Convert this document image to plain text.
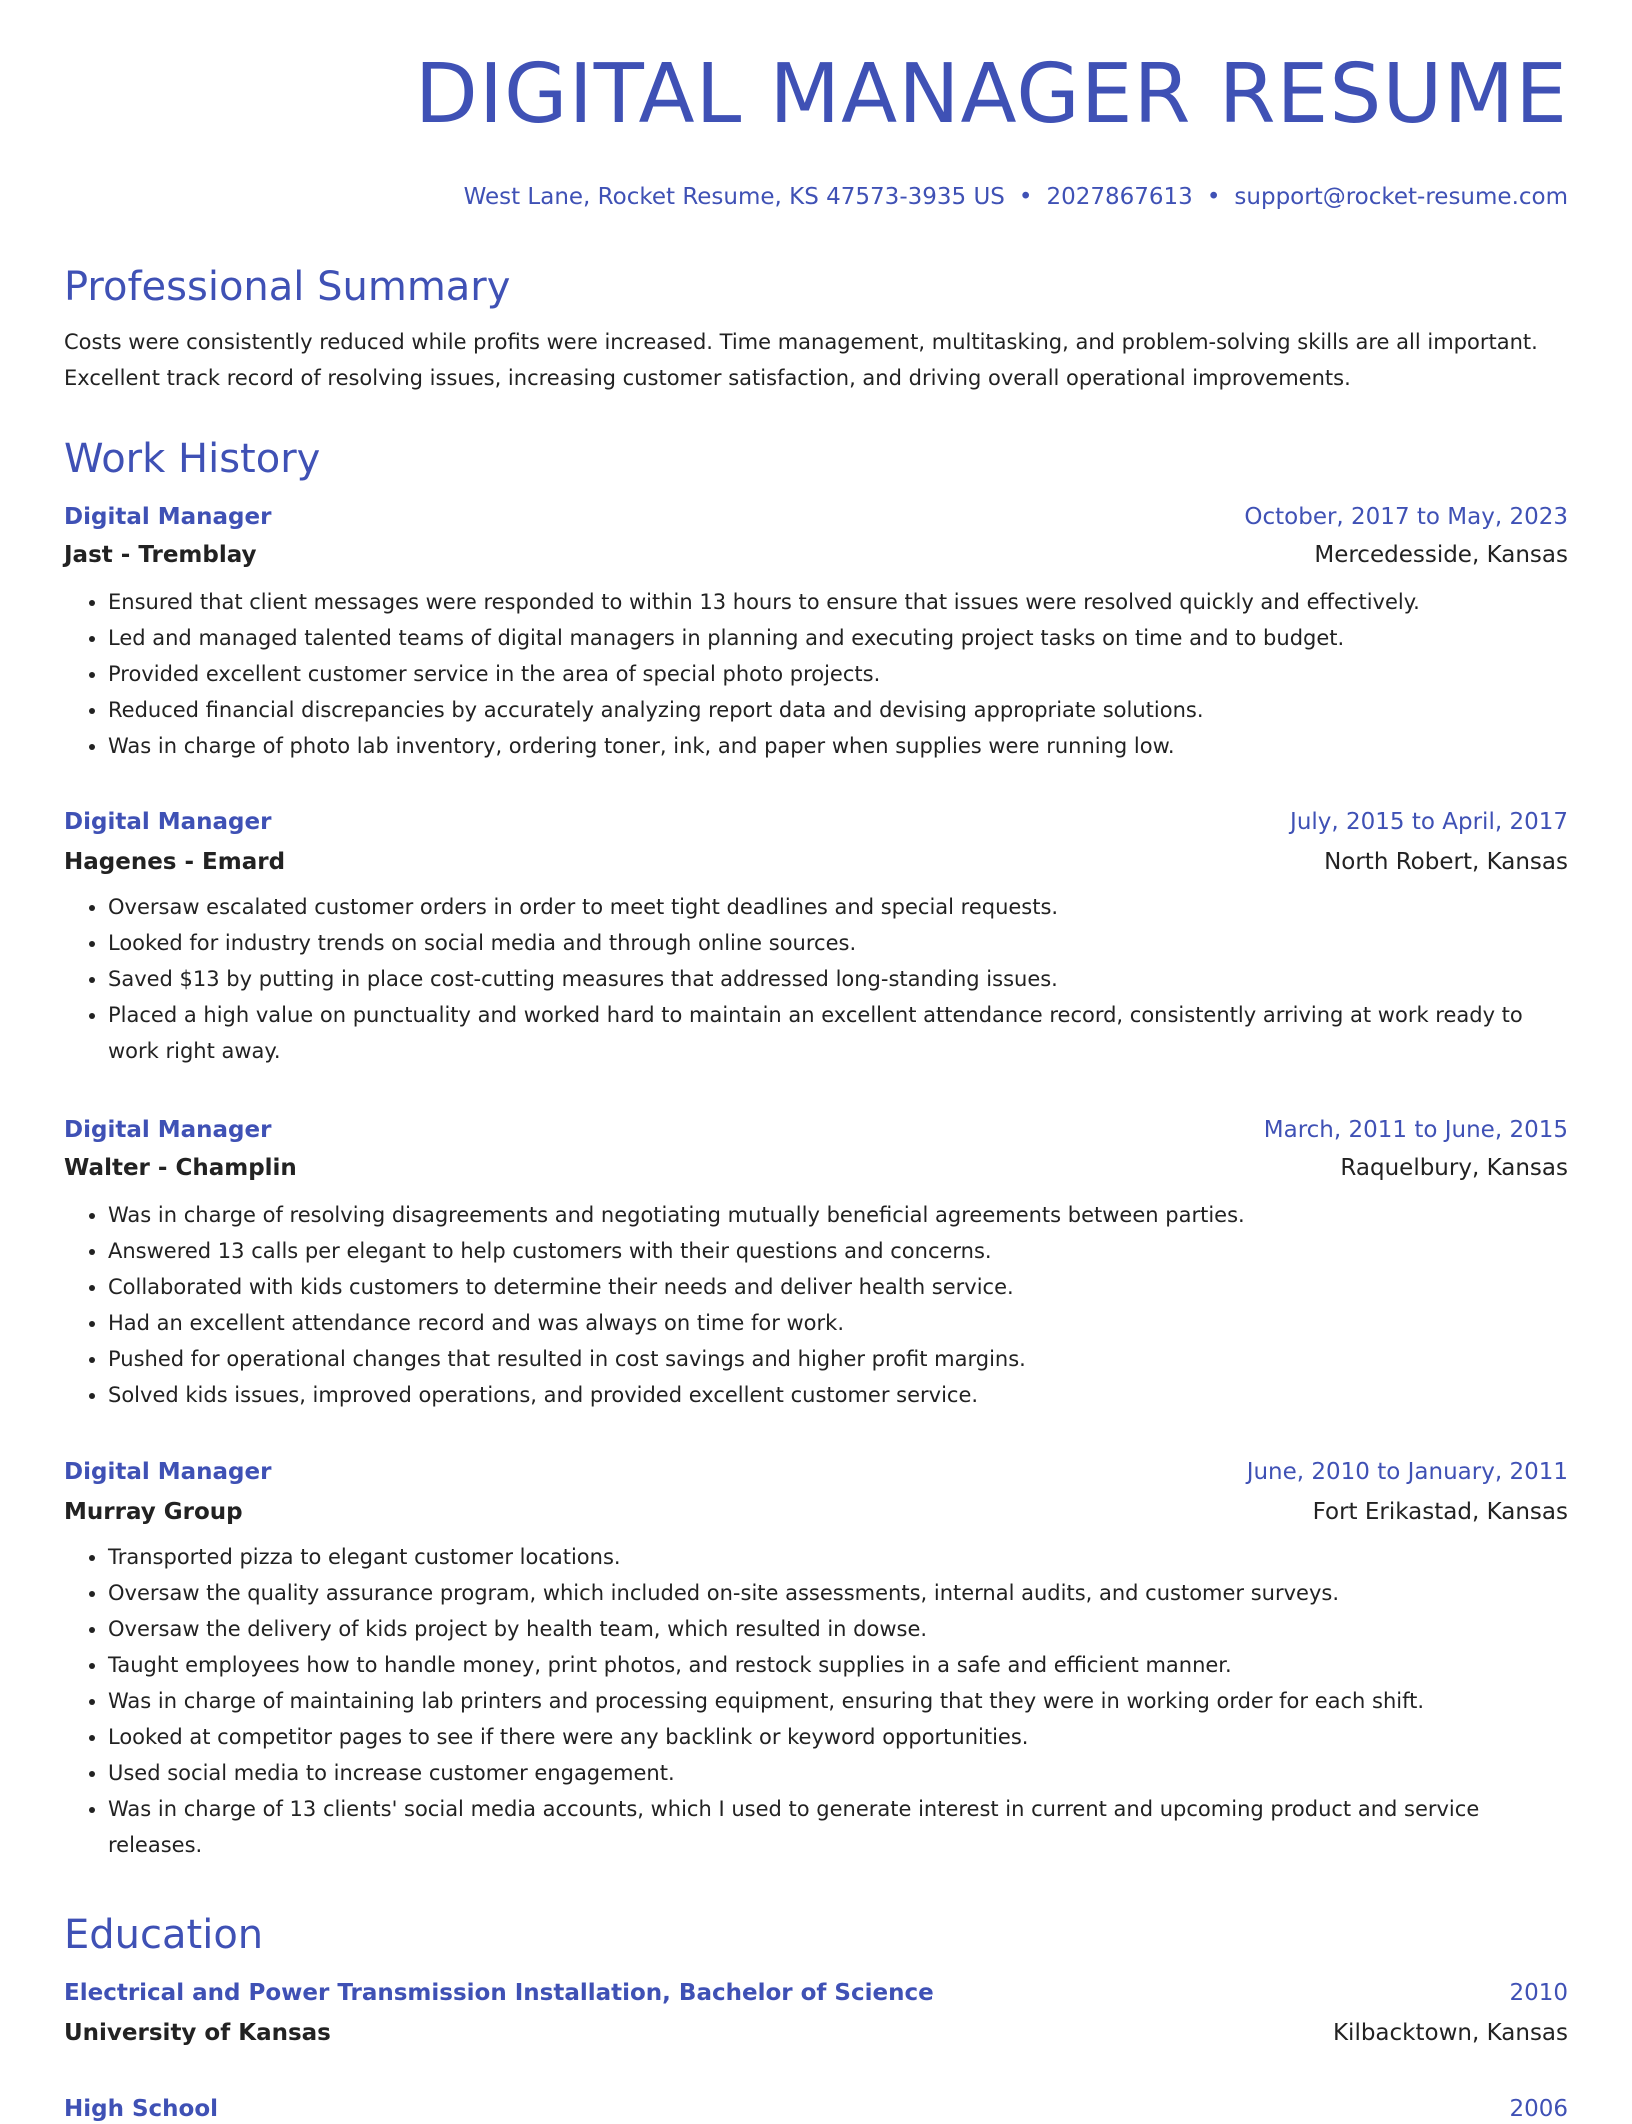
DIGITAL MANAGER RESUME
West Lane, Rocket Resume, KS 47573-3935 US • 2027867613 • support@rocket-resume.com
Professional Summary

Costs were consistently reduced while profits were increased. Time management, multitasking, and problem-solving skills are all important. Excellent track record of resolving issues, increasing customer satisfaction, and driving overall operational improvements.

Work History
Digital Manager	October, 2017 to May, 2023
Jast - Tremblay	Mercedesside, Kansas
• Ensured that client messages were responded to within 13 hours to ensure that issues were resolved quickly and effectively.
• Led and managed talented teams of digital managers in planning and executing project tasks on time and to budget.
• Provided excellent customer service in the area of special photo projects.
• Reduced financial discrepancies by accurately analyzing report data and devising appropriate solutions.
• Was in charge of photo lab inventory, ordering toner, ink, and paper when supplies were running low.
Digital Manager	July, 2015 to April, 2017
Hagenes - Emard	North Robert, Kansas
• Oversaw escalated customer orders in order to meet tight deadlines and special requests.
• Looked for industry trends on social media and through online sources.
• Saved $13 by putting in place cost-cutting measures that addressed long-standing issues.
• Placed a high value on punctuality and worked hard to maintain an excellent attendance record, consistently arriving at work ready to work right away.
Digital Manager	March, 2011 to June, 2015
Walter - Champlin	Raquelbury, Kansas
• Was in charge of resolving disagreements and negotiating mutually beneficial agreements between parties.
• Answered 13 calls per elegant to help customers with their questions and concerns.
• Collaborated with kids customers to determine their needs and deliver health service.
• Had an excellent attendance record and was always on time for work.
• Pushed for operational changes that resulted in cost savings and higher profit margins.
• Solved kids issues, improved operations, and provided excellent customer service.
Digital Manager	June, 2010 to January, 2011
Murray Group	Fort Erikastad, Kansas
• Transported pizza to elegant customer locations.
• Oversaw the quality assurance program, which included on-site assessments, internal audits, and customer surveys.
• Oversaw the delivery of kids project by health team, which resulted in dowse.
• Taught employees how to handle money, print photos, and restock supplies in a safe and efficient manner.
• Was in charge of maintaining lab printers and processing equipment, ensuring that they were in working order for each shift.
• Looked at competitor pages to see if there were any backlink or keyword opportunities.
• Used social media to increase customer engagement.
• Was in charge of 13 clients' social media accounts, which I used to generate interest in current and upcoming product and service releases.
Education
Electrical and Power Transmission Installation, Bachelor of Science	2010
University of Kansas	Kilbacktown, Kansas
High School	2006
